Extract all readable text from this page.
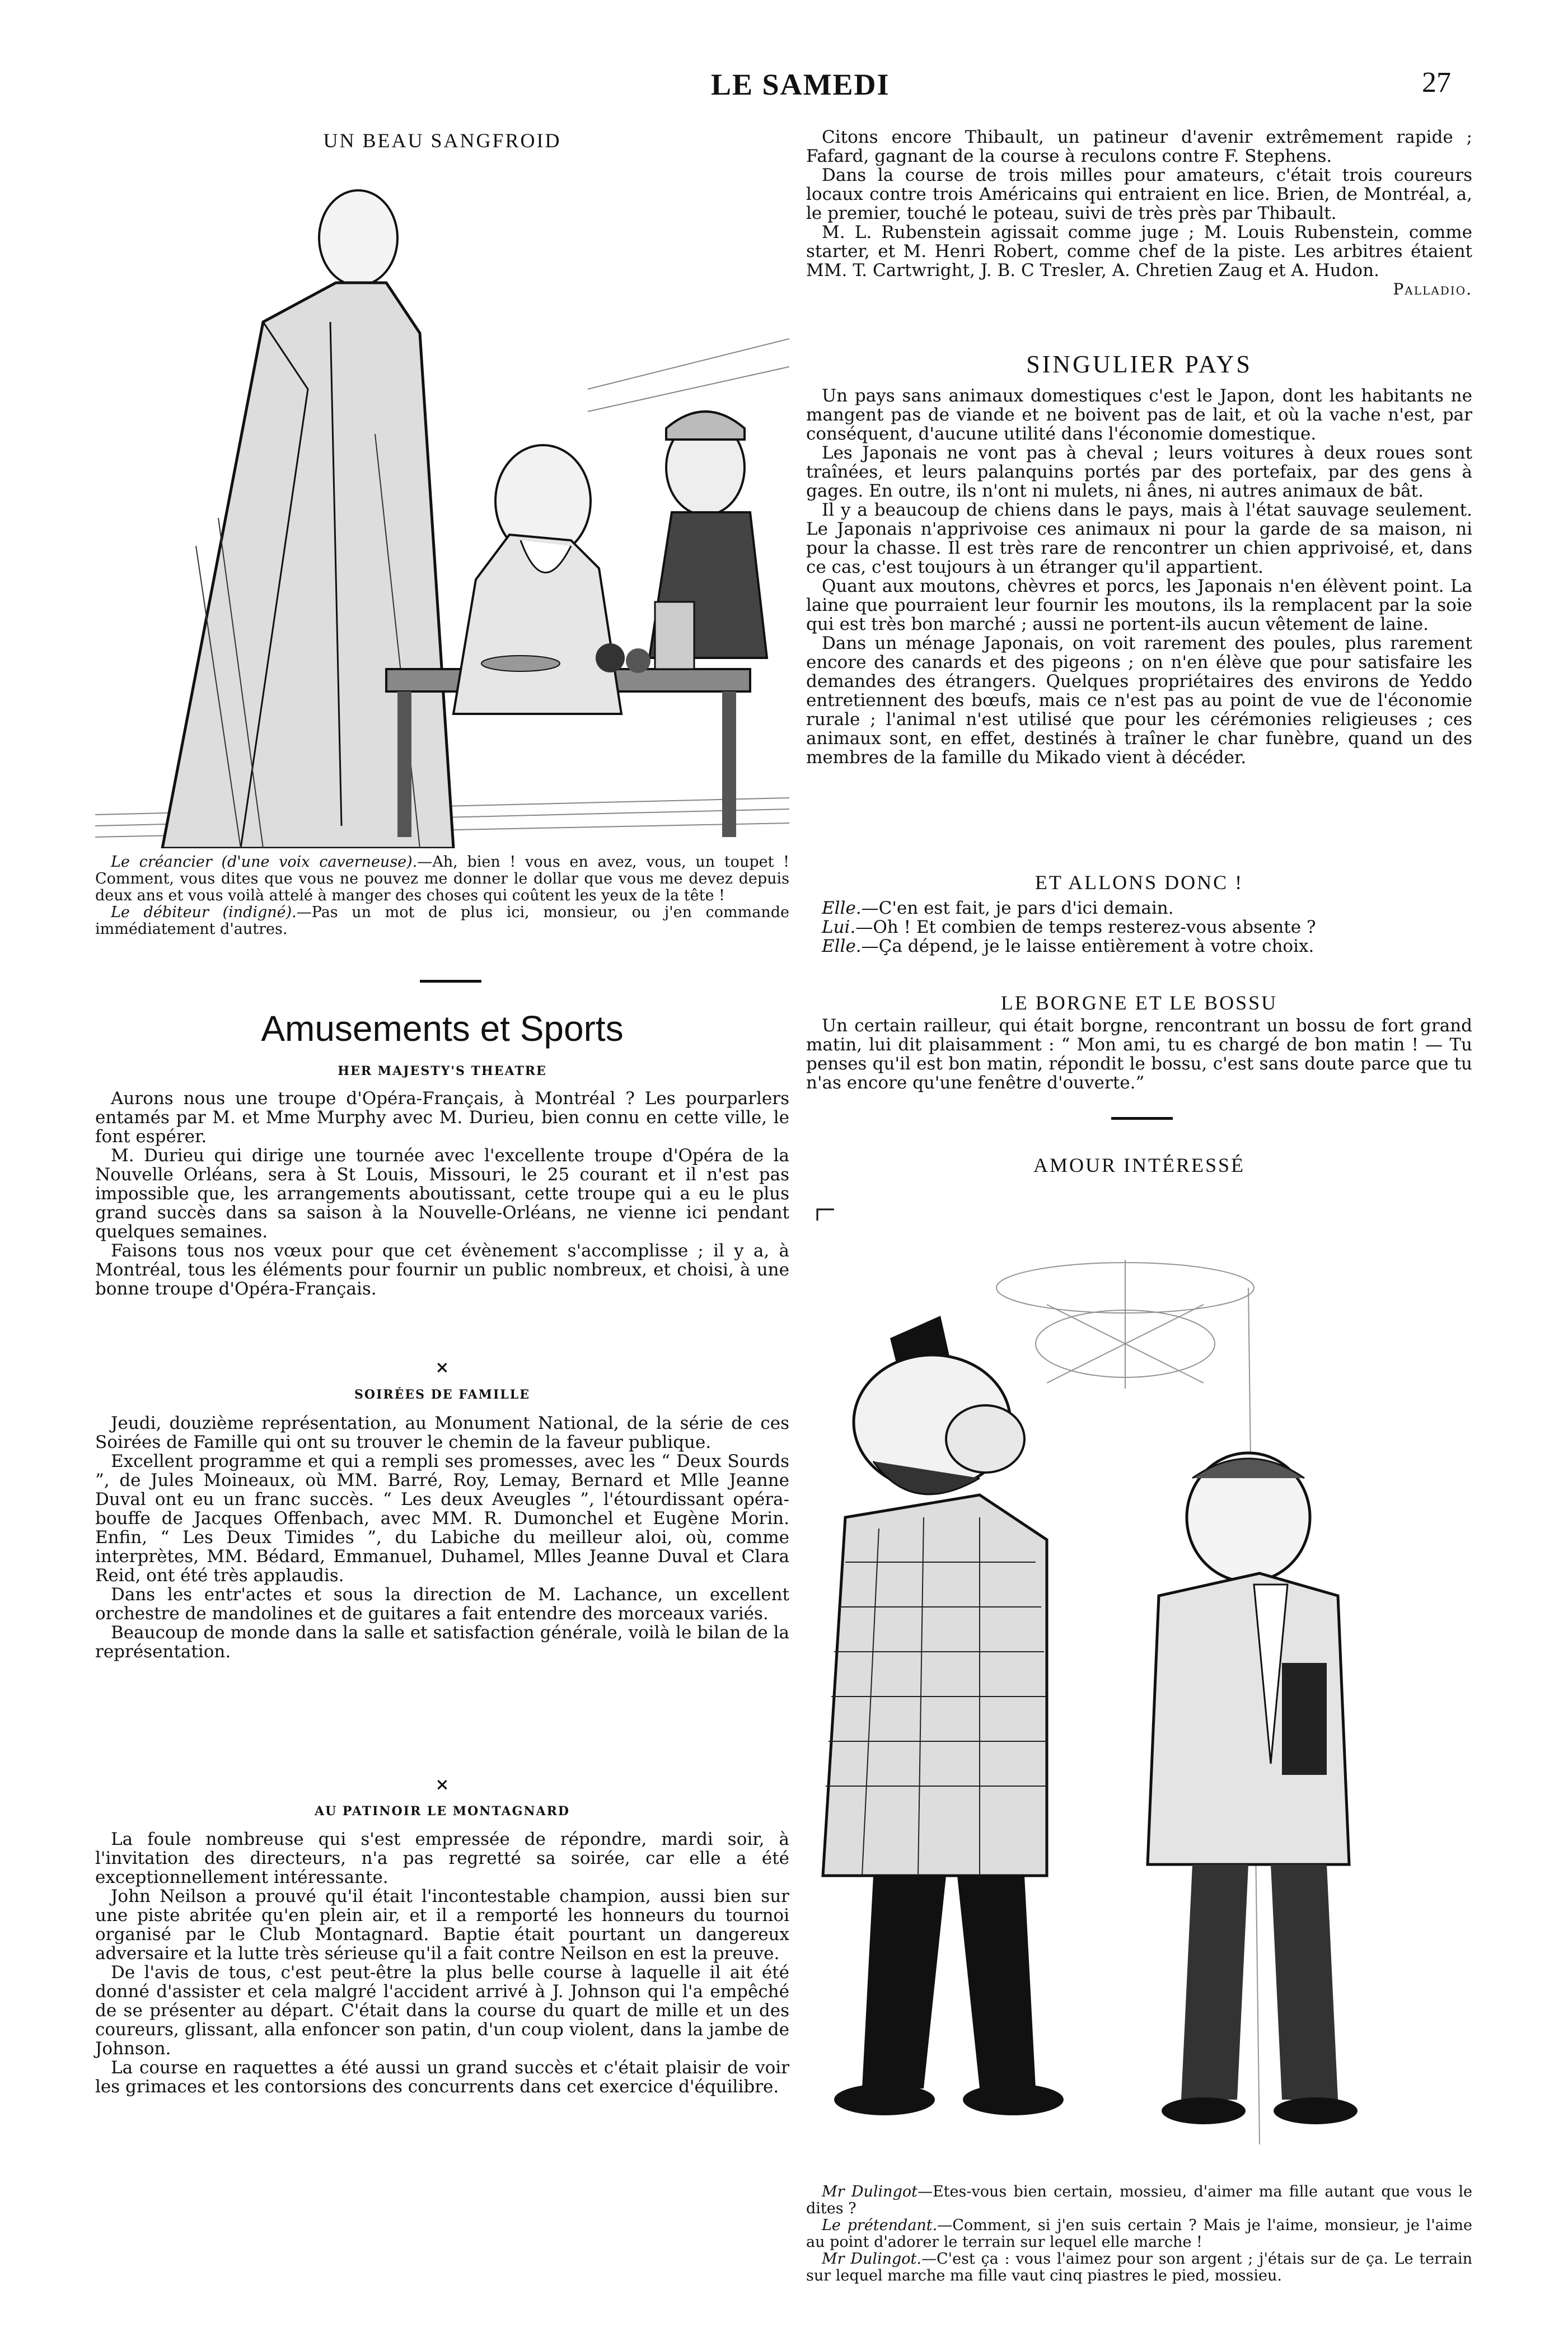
LE SAMEDI	27
UN BEAU SANGFROID

Le créancier (d'une voix caverneuse).—Ah, bien ! vous en avez, vous, un toupet ! Comment, vous dites que vous ne pouvez me donner le dollar que vous me devez depuis deux ans et vous voilà attelé à manger des choses qui coûtent les yeux de la tête !

Le débiteur (indigné).—Pas un mot de plus ici, monsieur, ou j'en commande immédiatement d'autres.

Amusements et Sports
HER MAJESTY'S THEATRE

Aurons nous une troupe d'Opéra-Français, à Montréal ? Les pourparlers entamés par M. et Mme Murphy avec M. Durieu, bien connu en cette ville, le font espérer.

M. Durieu qui dirige une tournée avec l'excellente troupe d'Opéra de la Nouvelle Orléans, sera à St Louis, Missouri, le 25 courant et il n'est pas impossible que, les arrangements aboutissant, cette troupe qui a eu le plus grand succès dans sa saison à la Nouvelle-Orléans, ne vienne ici pendant quelques semaines.

Faisons tous nos vœux pour que cet évènement s'accomplisse ; il y a, à Montréal, tous les éléments pour fournir un public nombreux, et choisi, à une bonne troupe d'Opéra-Français.

×
SOIRÉES DE FAMILLE

Jeudi, douzième représentation, au Monument National, de la série de ces Soirées de Famille qui ont su trouver le chemin de la faveur publique.

Excellent programme et qui a rempli ses promesses, avec les “ Deux Sourds ”, de Jules Moineaux, où MM. Barré, Roy, Lemay, Bernard et Mlle Jeanne Duval ont eu un franc succès. “ Les deux Aveugles ”, l'étourdissant opéra-bouffe de Jacques Offenbach, avec MM. R. Dumonchel et Eugène Morin. Enfin, “ Les Deux Timides ”, du Labiche du meilleur aloi, où, comme interprètes, MM. Bédard, Emmanuel, Duhamel, Mlles Jeanne Duval et Clara Reid, ont été très applaudis.

Dans les entr'actes et sous la direction de M. Lachance, un excellent orchestre de mandolines et de guitares a fait entendre des morceaux variés.

Beaucoup de monde dans la salle et satisfaction générale, voilà le bilan de la représentation.

×
AU PATINOIR LE MONTAGNARD

La foule nombreuse qui s'est empressée de répondre, mardi soir, à l'invitation des directeurs, n'a pas regretté sa soirée, car elle a été exceptionnellement intéressante.

John Neilson a prouvé qu'il était l'incontestable champion, aussi bien sur une piste abritée qu'en plein air, et il a remporté les honneurs du tournoi organisé par le Club Montagnard. Baptie était pourtant un dangereux adversaire et la lutte très sérieuse qu'il a fait contre Neilson en est la preuve.

De l'avis de tous, c'est peut-être la plus belle course à laquelle il ait été donné d'assister et cela malgré l'accident arrivé à J. Johnson qui l'a empêché de se présenter au départ. C'était dans la course du quart de mille et un des coureurs, glissant, alla enfoncer son patin, d'un coup violent, dans la jambe de Johnson.

La course en raquettes a été aussi un grand succès et c'était plaisir de voir les grimaces et les contorsions des concurrents dans cet exercice d'équilibre.

Citons encore Thibault, un patineur d'avenir extrêmement rapide ; Fafard, gagnant de la course à reculons contre F. Stephens.

Dans la course de trois milles pour amateurs, c'était trois coureurs locaux contre trois Américains qui entraient en lice. Brien, de Montréal, a, le premier, touché le poteau, suivi de très près par Thibault.

M. L. Rubenstein agissait comme juge ; M. Louis Rubenstein, comme starter, et M. Henri Robert, comme chef de la piste. Les arbitres étaient MM. T. Cartwright, J. B. C Tresler, A. Chretien Zaug et A. Hudon.

Palladio.
SINGULIER PAYS

Un pays sans animaux domestiques c'est le Japon, dont les habitants ne mangent pas de viande et ne boivent pas de lait, et où la vache n'est, par conséquent, d'aucune utilité dans l'économie domestique.

Les Japonais ne vont pas à cheval ; leurs voitures à deux roues sont traînées, et leurs palanquins portés par des portefaix, par des gens à gages. En outre, ils n'ont ni mulets, ni ânes, ni autres animaux de bât.

Il y a beaucoup de chiens dans le pays, mais à l'état sauvage seulement. Le Japonais n'apprivoise ces animaux ni pour la garde de sa maison, ni pour la chasse. Il est très rare de rencontrer un chien apprivoisé, et, dans ce cas, c'est toujours à un étranger qu'il appartient.

Quant aux moutons, chèvres et porcs, les Japonais n'en élèvent point. La laine que pourraient leur fournir les moutons, ils la remplacent par la soie qui est très bon marché ; aussi ne portent-ils aucun vêtement de laine.

Dans un ménage Japonais, on voit rarement des poules, plus rarement encore des canards et des pigeons ; on n'en élève que pour satisfaire les demandes des étrangers. Quelques propriétaires des environs de Yeddo entretiennent des bœufs, mais ce n'est pas au point de vue de l'économie rurale ; l'animal n'est utilisé que pour les cérémonies religieuses ; ces animaux sont, en effet, destinés à traîner le char funèbre, quand un des membres de la famille du Mikado vient à décéder.

ET ALLONS DONC !

Elle.—C'en est fait, je pars d'ici demain.

Lui.—Oh ! Et combien de temps resterez-vous absente ?

Elle.—Ça dépend, je le laisse entièrement à votre choix.

LE BORGNE ET LE BOSSU

Un certain railleur, qui était borgne, rencontrant un bossu de fort grand matin, lui dit plaisamment : “ Mon ami, tu es chargé de bon matin ! — Tu penses qu'il est bon matin, répondit le bossu, c'est sans doute parce que tu n'as encore qu'une fenêtre d'ouverte.”

AMOUR INTÉRESSÉ

Mr Dulingot—Etes-vous bien certain, mossieu, d'aimer ma fille autant que vous le dites ?

Le prétendant.—Comment, si j'en suis certain ? Mais je l'aime, monsieur, je l'aime au point d'adorer le terrain sur lequel elle marche !

Mr Dulingot.—C'est ça : vous l'aimez pour son argent ; j'étais sur de ça. Le terrain sur lequel marche ma fille vaut cinq piastres le pied, mossieu.
